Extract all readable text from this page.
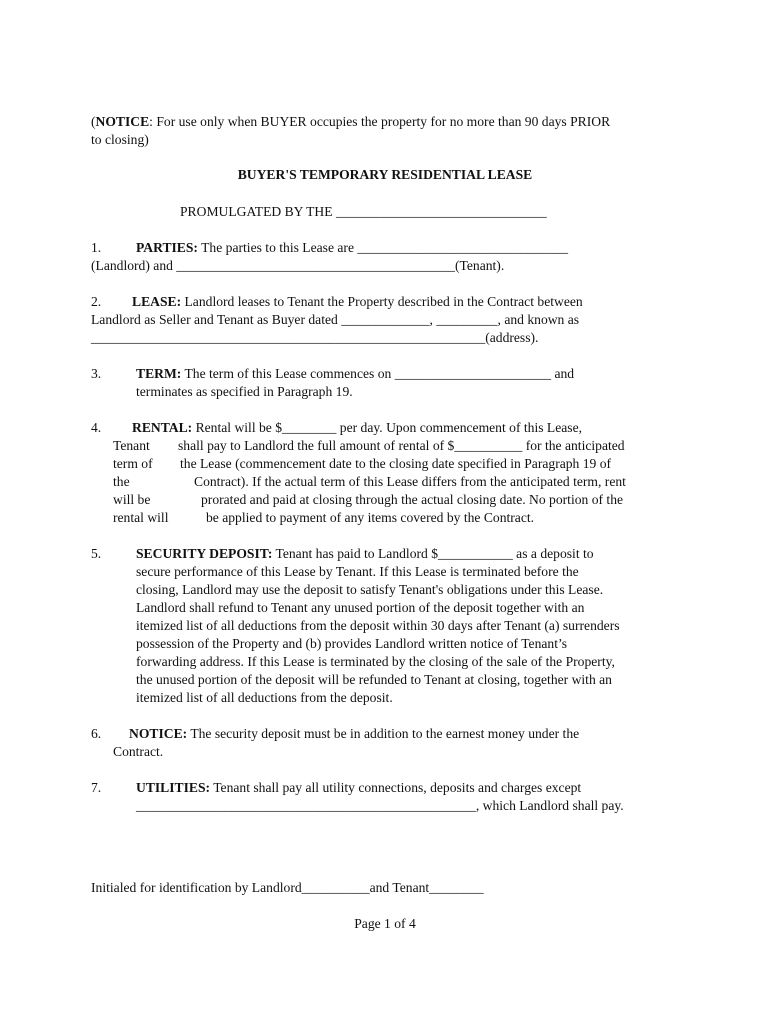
(NOTICE: For use only when BUYER occupies the property for no more than 90 days PRIOR
to closing)
BUYER'S TEMPORARY RESIDENTIAL LEASE
PROMULGATED BY THE _______________________________
1.	PARTIES: The parties to this Lease are _______________________________
(Landlord) and _________________________________________(Tenant).
2. LEASE: Landlord leases to Tenant the Property described in the Contract between
Landlord as Seller and Tenant as Buyer dated _____________, _________, and known as
__________________________________________________________(address).
3.	TERM: The term of this Lease commences on _______________________ and
terminates as specified in Paragraph 19.
4. RENTAL: Rental will be $________ per day. Upon commencement of this Lease,
Tenant shall pay to Landlord the full amount of rental of $__________ for the anticipated
term of the Lease (commencement date to the closing date specified in Paragraph 19 of
the	Contract). If the actual term of this Lease differs from the anticipated term, rent
will be	prorated and paid at closing through the actual closing date. No portion of the
rental will	be applied to payment of any items covered by the Contract.
5.	SECURITY DEPOSIT: Tenant has paid to Landlord $___________ as a deposit to
secure performance of this Lease by Tenant. If this Lease is terminated before the
closing, Landlord may use the deposit to satisfy Tenant's obligations under this Lease.
Landlord shall refund to Tenant any unused portion of the deposit together with an
itemized list of all deductions from the deposit within 30 days after Tenant (a) surrenders
possession of the Property and (b) provides Landlord written notice of Tenant’s
forwarding address. If this Lease is terminated by the closing of the sale of the Property,
the unused portion of the deposit will be refunded to Tenant at closing, together with an
itemized list of all deductions from the deposit.
6. NOTICE: The security deposit must be in addition to the earnest money under the
Contract.
7.	UTILITIES: Tenant shall pay all utility connections, deposits and charges except
__________________________________________________, which Landlord shall pay.
Initialed for identification by Landlord__________and Tenant________
Page 1 of 4
